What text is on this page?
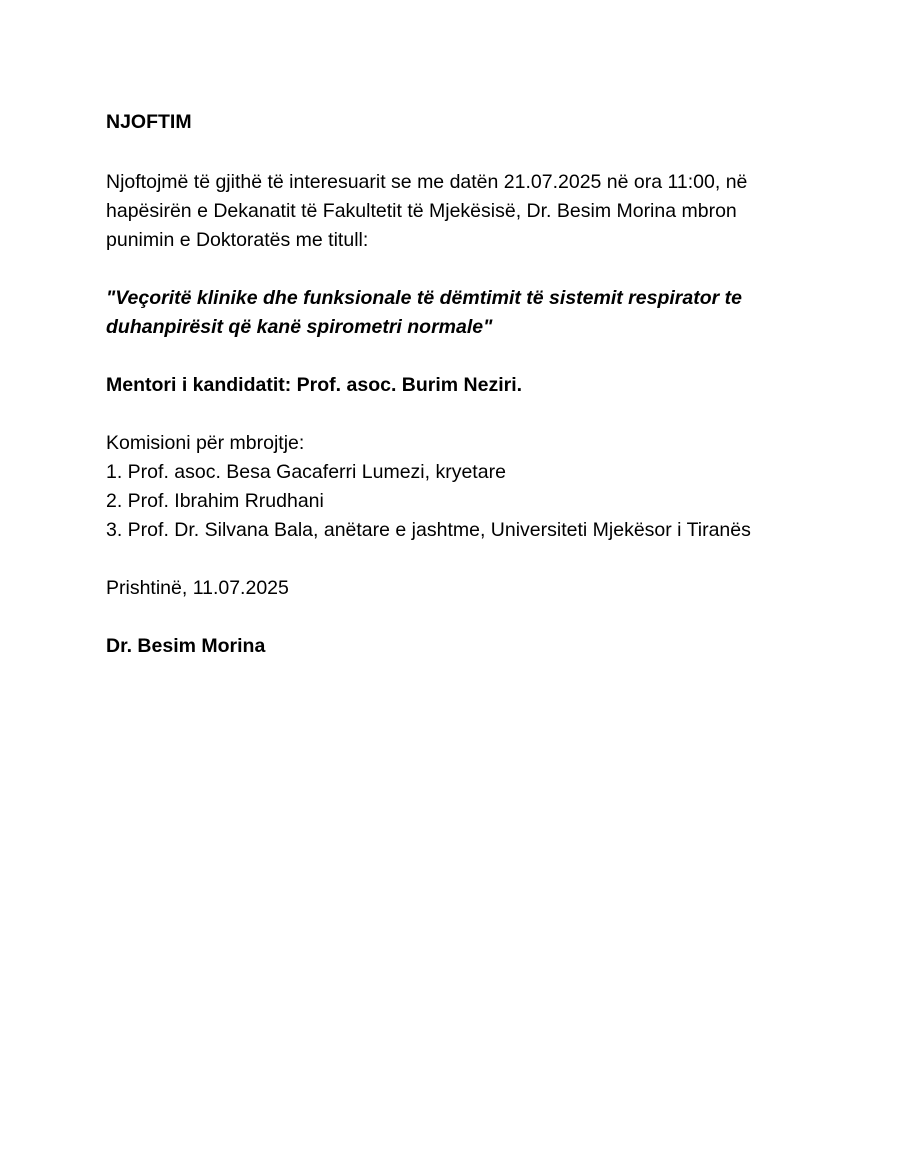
NJOFTIM

Njoftojmë të gjithë të interesuarit se me datën 21.07.2025 në ora 11:00, në hapësirën e Dekanatit të Fakultetit të Mjekësisë, Dr. Besim Morina mbron punimin e Doktoratës me titull:

"Veçoritë klinike dhe funksionale të dëmtimit të sistemit respirator te duhanpirësit që kanë spirometri normale"

Mentori i kandidatit: Prof. asoc. Burim Neziri.

Komisioni për mbrojtje:
1. Prof. asoc. Besa Gacaferri Lumezi, kryetare
2. Prof. Ibrahim Rrudhani
3. Prof. Dr. Silvana Bala, anëtare e jashtme, Universiteti Mjekësor i Tiranës

Prishtinë, 11.07.2025

Dr. Besim Morina
